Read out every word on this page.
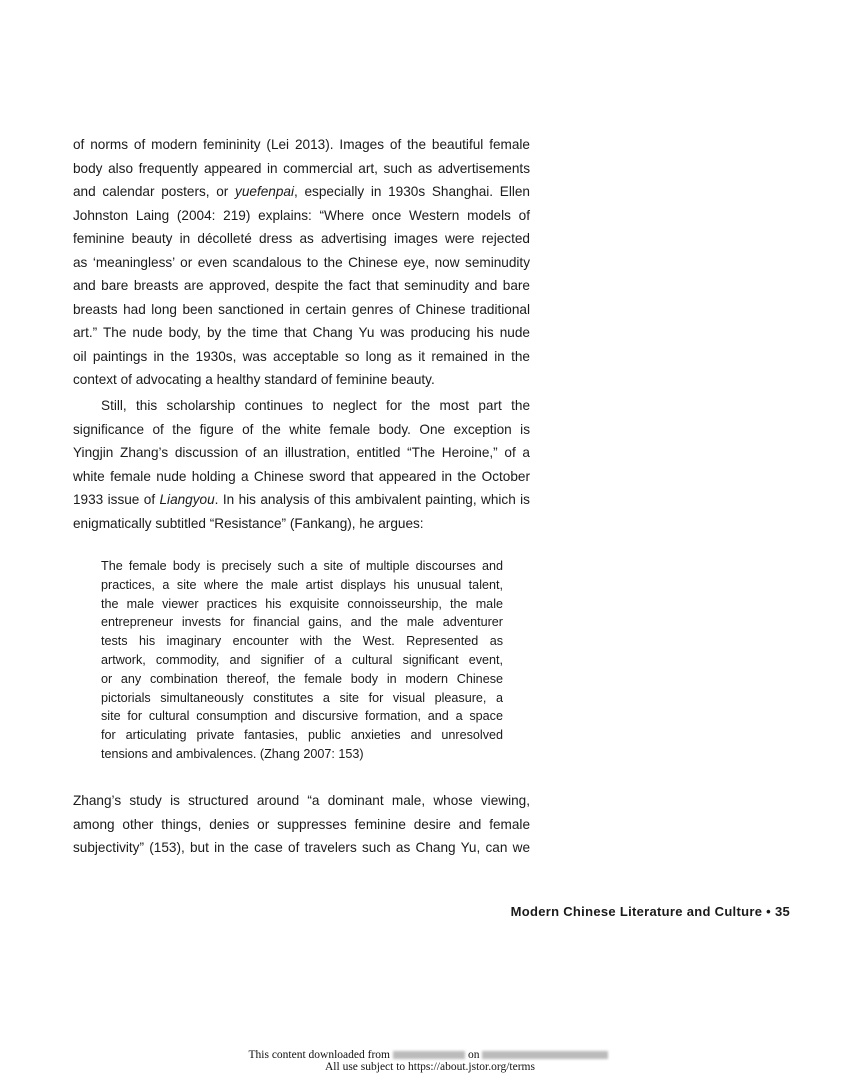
of norms of modern femininity (Lei 2013). Images of the beautiful female
body also frequently appeared in commercial art, such as advertisements
and calendar posters, or yuefenpai, especially in 1930s Shanghai. Ellen
Johnston Laing (2004: 219) explains: “Where once Western models of
feminine beauty in décolleté dress as advertising images were rejected
as ‘meaningless’ or even scandalous to the Chinese eye, now seminudity
and bare breasts are approved, despite the fact that seminudity and bare
breasts had long been sanctioned in certain genres of Chinese traditional
art.” The nude body, by the time that Chang Yu was producing his nude
oil paintings in the 1930s, was acceptable so long as it remained in the
context of advocating a healthy standard of feminine beauty.
Still, this scholarship continues to neglect for the most part the
significance of the figure of the white female body. One exception is
Yingjin Zhang’s discussion of an illustration, entitled “The Heroine,” of a
white female nude holding a Chinese sword that appeared in the October
1933 issue of Liangyou. In his analysis of this ambivalent painting, which is
enigmatically subtitled “Resistance” (Fankang), he argues:
The female body is precisely such a site of multiple discourses and
practices, a site where the male artist displays his unusual talent,
the male viewer practices his exquisite connoisseurship, the male
entrepreneur invests for financial gains, and the male adventurer
tests his imaginary encounter with the West. Represented as
artwork, commodity, and signifier of a cultural significant event,
or any combination thereof, the female body in modern Chinese
pictorials simultaneously constitutes a site for visual pleasure, a
site for cultural consumption and discursive formation, and a space
for articulating private fantasies, public anxieties and unresolved
tensions and ambivalences. (Zhang 2007: 153)
Zhang’s study is structured around “a dominant male, whose viewing,
among other things, denies or suppresses feminine desire and female
subjectivity” (153), but in the case of travelers such as Chang Yu, can we
Modern Chinese Literature and Culture • 35
This content downloaded from	on
All use subject to https://about.jstor.org/terms
